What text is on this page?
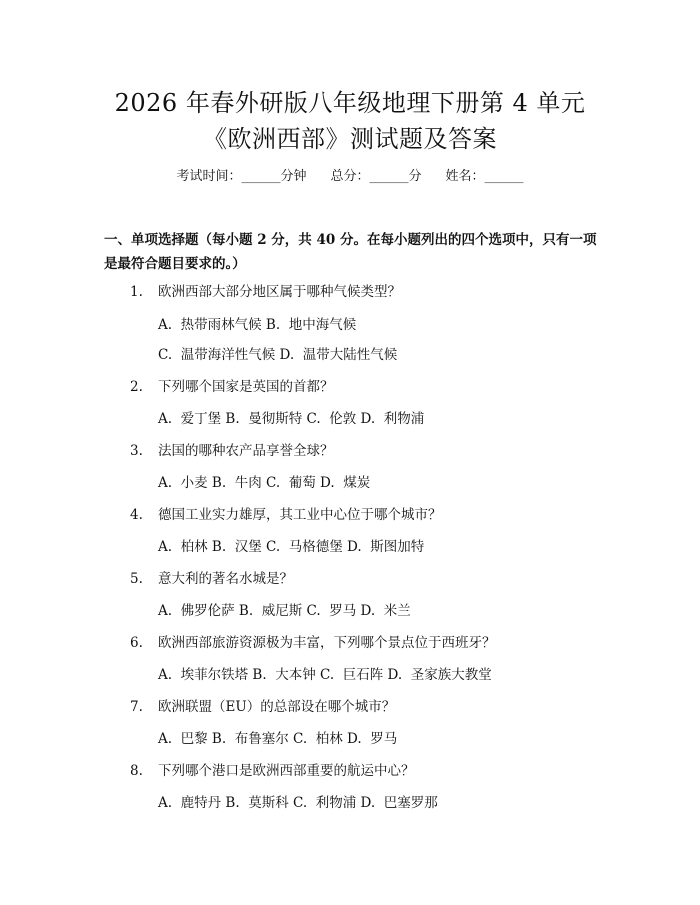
2026 年春外研版八年级地理下册第 4 单元
《欧洲西部》测试题及答案
考试时间：______分钟 总分：______分 姓名：______
一、单项选择题（每小题 2 分，共 40 分。在每小题列出的四个选项中，只有一项是最符合题目要求的。）
1. 欧洲西部大部分地区属于哪种气候类型？
A.  热带雨林气候 B.  地中海气候
C.  温带海洋性气候 D.  温带大陆性气候
2. 下列哪个国家是英国的首都？
A.  爱丁堡 B.  曼彻斯特 C.  伦敦 D.  利物浦
3. 法国的哪种农产品享誉全球？
A.  小麦 B.  牛肉 C.  葡萄 D.  煤炭
4. 德国工业实力雄厚，其工业中心位于哪个城市？
A.  柏林 B.  汉堡 C.  马格德堡 D.  斯图加特
5. 意大利的著名水城是？
A.  佛罗伦萨 B.  威尼斯 C.  罗马 D.  米兰
6. 欧洲西部旅游资源极为丰富，下列哪个景点位于西班牙？
A.  埃菲尔铁塔 B.  大本钟 C.  巨石阵 D.  圣家族大教堂
7. 欧洲联盟（EU）的总部设在哪个城市？
A.  巴黎 B.  布鲁塞尔 C.  柏林 D.  罗马
8. 下列哪个港口是欧洲西部重要的航运中心？
A.  鹿特丹 B.  莫斯科 C.  利物浦 D.  巴塞罗那
